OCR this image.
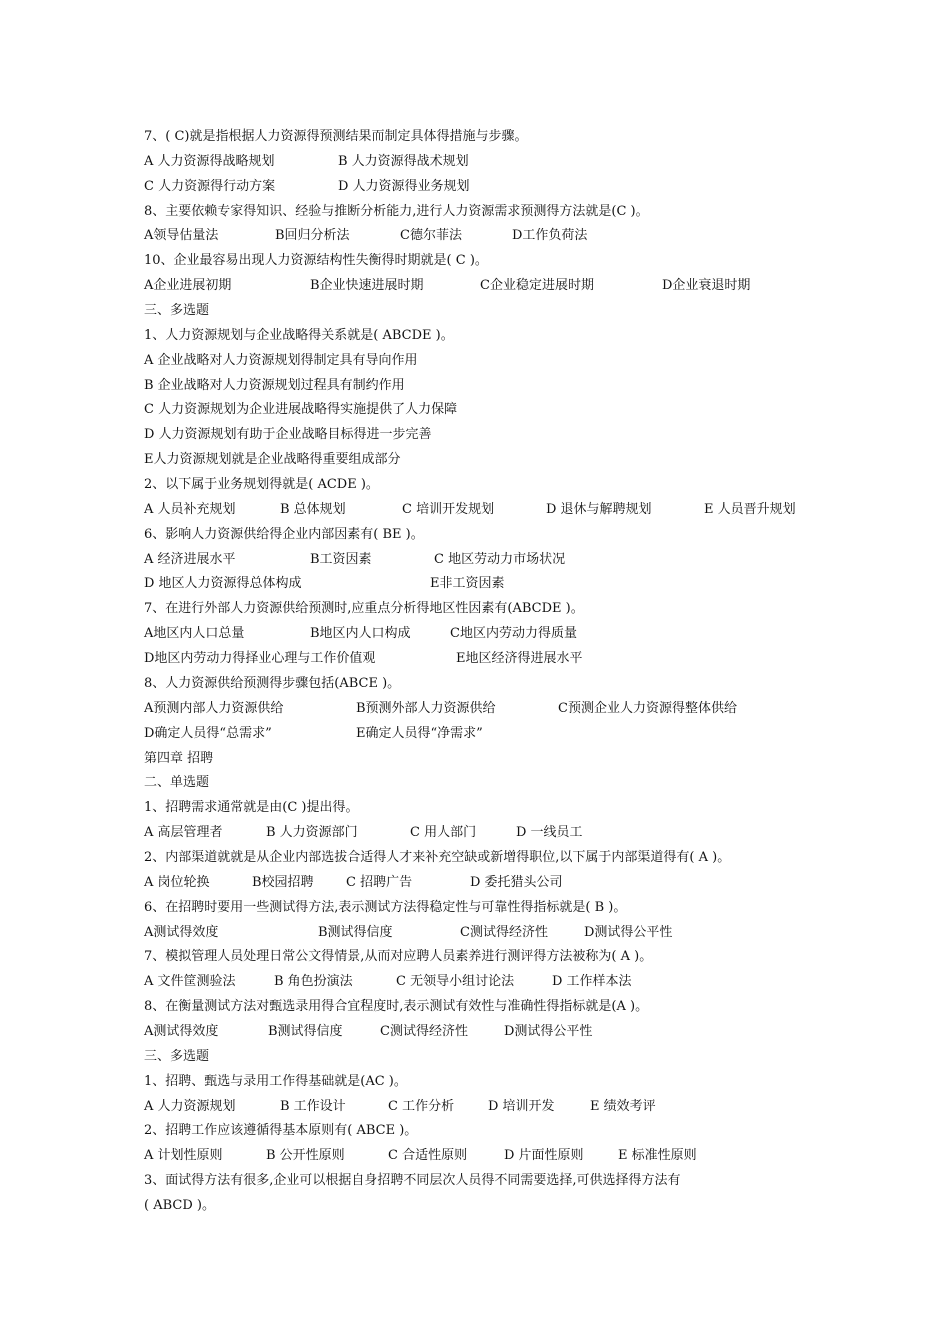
7、( C)就是指根据人力资源得预测结果而制定具体得措施与步骤。
A 人力资源得战略规划	B 人力资源得战术规划
C 人力资源得行动方案	D 人力资源得业务规划
8、主要依赖专家得知识、经验与推断分析能力,进行人力资源需求预测得方法就是(C )。
A领导估量法	B回归分析法	C德尔菲法	D工作负荷法
10、企业最容易出现人力资源结构性失衡得时期就是( C )。
A企业进展初期	B企业快速进展时期	C企业稳定进展时期	D企业衰退时期
三、多选题
1、人力资源规划与企业战略得关系就是( ABCDE )。
A 企业战略对人力资源规划得制定具有导向作用
B 企业战略对人力资源规划过程具有制约作用
C 人力资源规划为企业进展战略得实施提供了人力保障
D 人力资源规划有助于企业战略目标得进一步完善
E人力资源规划就是企业战略得重要组成部分
2、以下属于业务规划得就是( ACDE )。
A 人员补充规划	B 总体规划	C 培训开发规划	D 退休与解聘规划	E 人员晋升规划
6、影响人力资源供给得企业内部因素有( BE )。
A 经济进展水平	B工资因素	C 地区劳动力市场状况
D 地区人力资源得总体构成	E非工资因素
7、在进行外部人力资源供给预测时,应重点分析得地区性因素有(ABCDE )。
A地区内人口总量	B地区内人口构成	C地区内劳动力得质量
D地区内劳动力得择业心理与工作价值观	E地区经济得进展水平
8、人力资源供给预测得步骤包括(ABCE )。
A预测内部人力资源供给	B预测外部人力资源供给	C预测企业人力资源得整体供给
D确定人员得“总需求”	E确定人员得“净需求”
第四章 招聘
二、单选题
1、招聘需求通常就是由(C )提出得。
A 高层管理者	B 人力资源部门	C 用人部门	D 一线员工
2、内部渠道就就是从企业内部选拔合适得人才来补充空缺或新增得职位,以下属于内部渠道得有( A )。
A 岗位轮换	B校园招聘 C 招聘广告	D 委托猎头公司
6、在招聘时要用一些测试得方法,表示测试方法得稳定性与可靠性得指标就是( B )。
A测试得效度	B测试得信度	C测试得经济性	D测试得公平性
7、模拟管理人员处理日常公文得情景,从而对应聘人员素养进行测评得方法被称为( A )。
A 文件筐测验法	B 角色扮演法	C 无领导小组讨论法	D 工作样本法
8、在衡量测试方法对甄选录用得合宜程度时,表示测试有效性与准确性得指标就是(A )。
A测试得效度	B测试得信度	C测试得经济性	D测试得公平性
三、多选题
1、招聘、甄选与录用工作得基础就是(AC )。
A 人力资源规划	B 工作设计	C 工作分析	D 培训开发	E 绩效考评
2、招聘工作应该遵循得基本原则有( ABCE )。
A 计划性原则	B 公开性原则	C 合适性原则	D 片面性原则	E 标准性原则
3、面试得方法有很多,企业可以根据自身招聘不同层次人员得不同需要选择,可供选择得方法有
( ABCD )。
